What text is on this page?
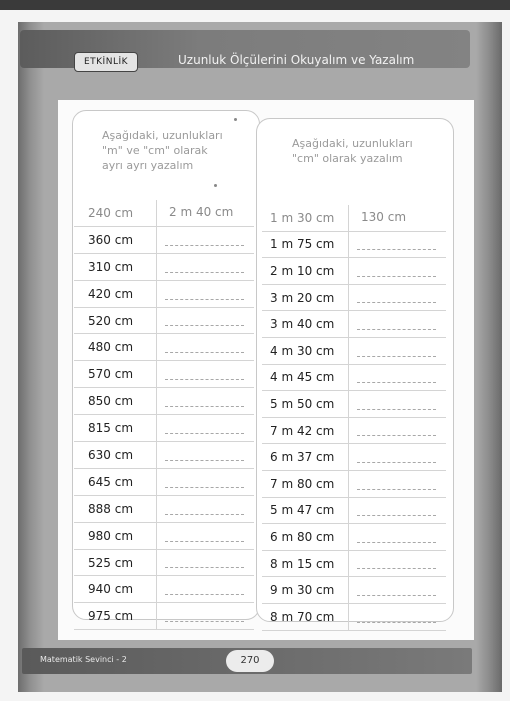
ETKİNLİK	Uzunluk Ölçülerini Okuyalım ve Yazalım
Aşağıdaki, uzunlukları
"m" ve "cm" olarak
ayrı ayrı yazalım
Aşağıdaki, uzunlukları
"cm" olarak yazalım
240 cm	2 m 40 cm
360 cm
310 cm
420 cm
520 cm
480 cm
570 cm
850 cm
815 cm
630 cm
645 cm
888 cm
980 cm
525 cm
940 cm
975 cm
1 m 30 cm	130 cm
1 m 75 cm
2 m 10 cm
3 m 20 cm
3 m 40 cm
4 m 30 cm
4 m 45 cm
5 m 50 cm
7 m 42 cm
6 m 37 cm
7 m 80 cm
5 m 47 cm
6 m 80 cm
8 m 15 cm
9 m 30 cm
8 m 70 cm
Matematik Sevinci - 2	270
